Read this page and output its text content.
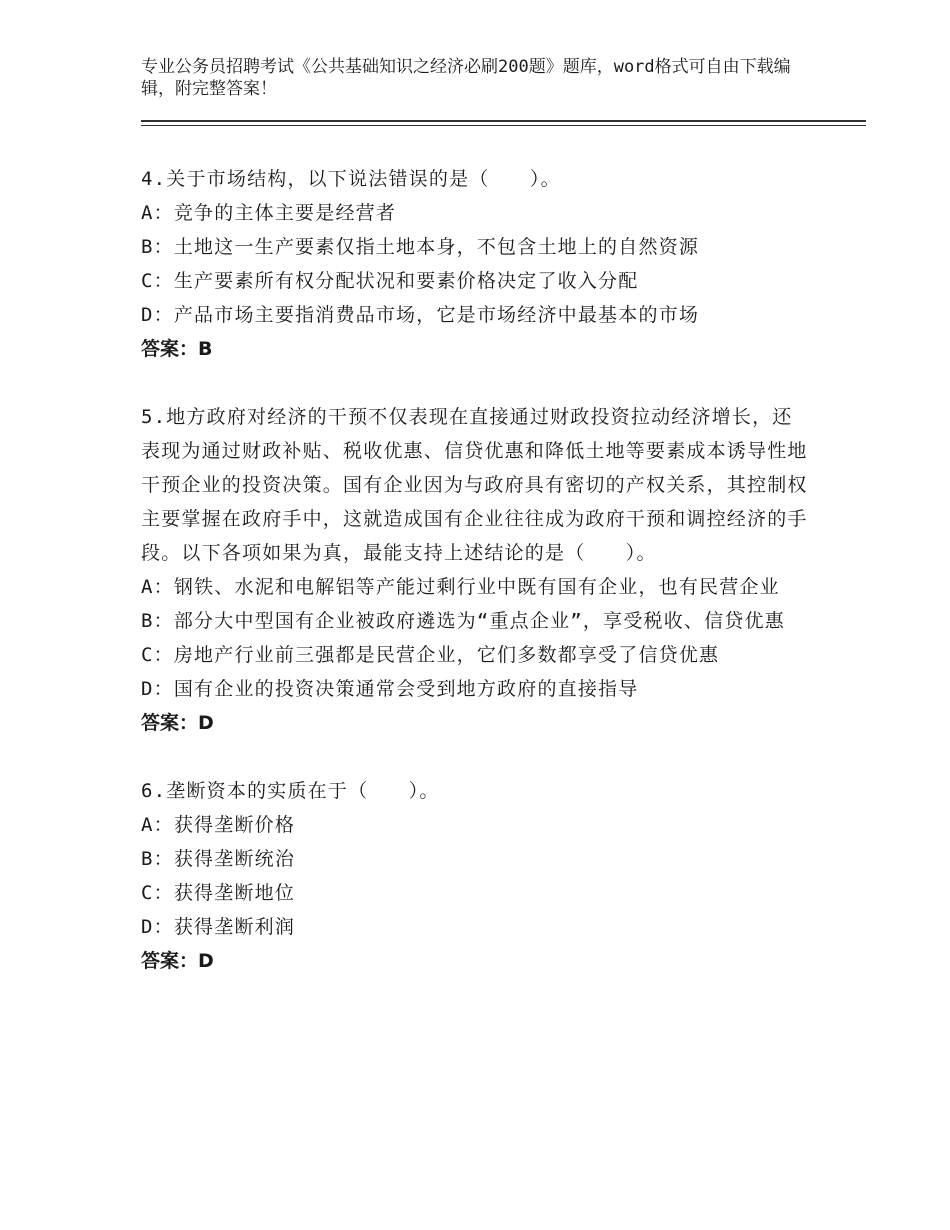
专业公务员招聘考试《公共基础知识之经济必刷200题》题库，word格式可自由下载编辑，附完整答案！
4.关于市场结构，以下说法错误的是（　　）。
A：竞争的主体主要是经营者
B：土地这一生产要素仅指土地本身，不包含土地上的自然资源
C：生产要素所有权分配状况和要素价格决定了收入分配
D：产品市场主要指消费品市场，它是市场经济中最基本的市场
答案：B
5.地方政府对经济的干预不仅表现在直接通过财政投资拉动经济增长，还表现为通过财政补贴、税收优惠、信贷优惠和降低土地等要素成本诱导性地干预企业的投资决策。国有企业因为与政府具有密切的产权关系，其控制权主要掌握在政府手中，这就造成国有企业往往成为政府干预和调控经济的手段。以下各项如果为真，最能支持上述结论的是（　　）。
A：钢铁、水泥和电解铝等产能过剩行业中既有国有企业，也有民营企业
B：部分大中型国有企业被政府遴选为“重点企业”，享受税收、信贷优惠
C：房地产行业前三强都是民营企业，它们多数都享受了信贷优惠
D：国有企业的投资决策通常会受到地方政府的直接指导
答案：D
6.垄断资本的实质在于（　　）。
A：获得垄断价格
B：获得垄断统治
C：获得垄断地位
D：获得垄断利润
答案：D
